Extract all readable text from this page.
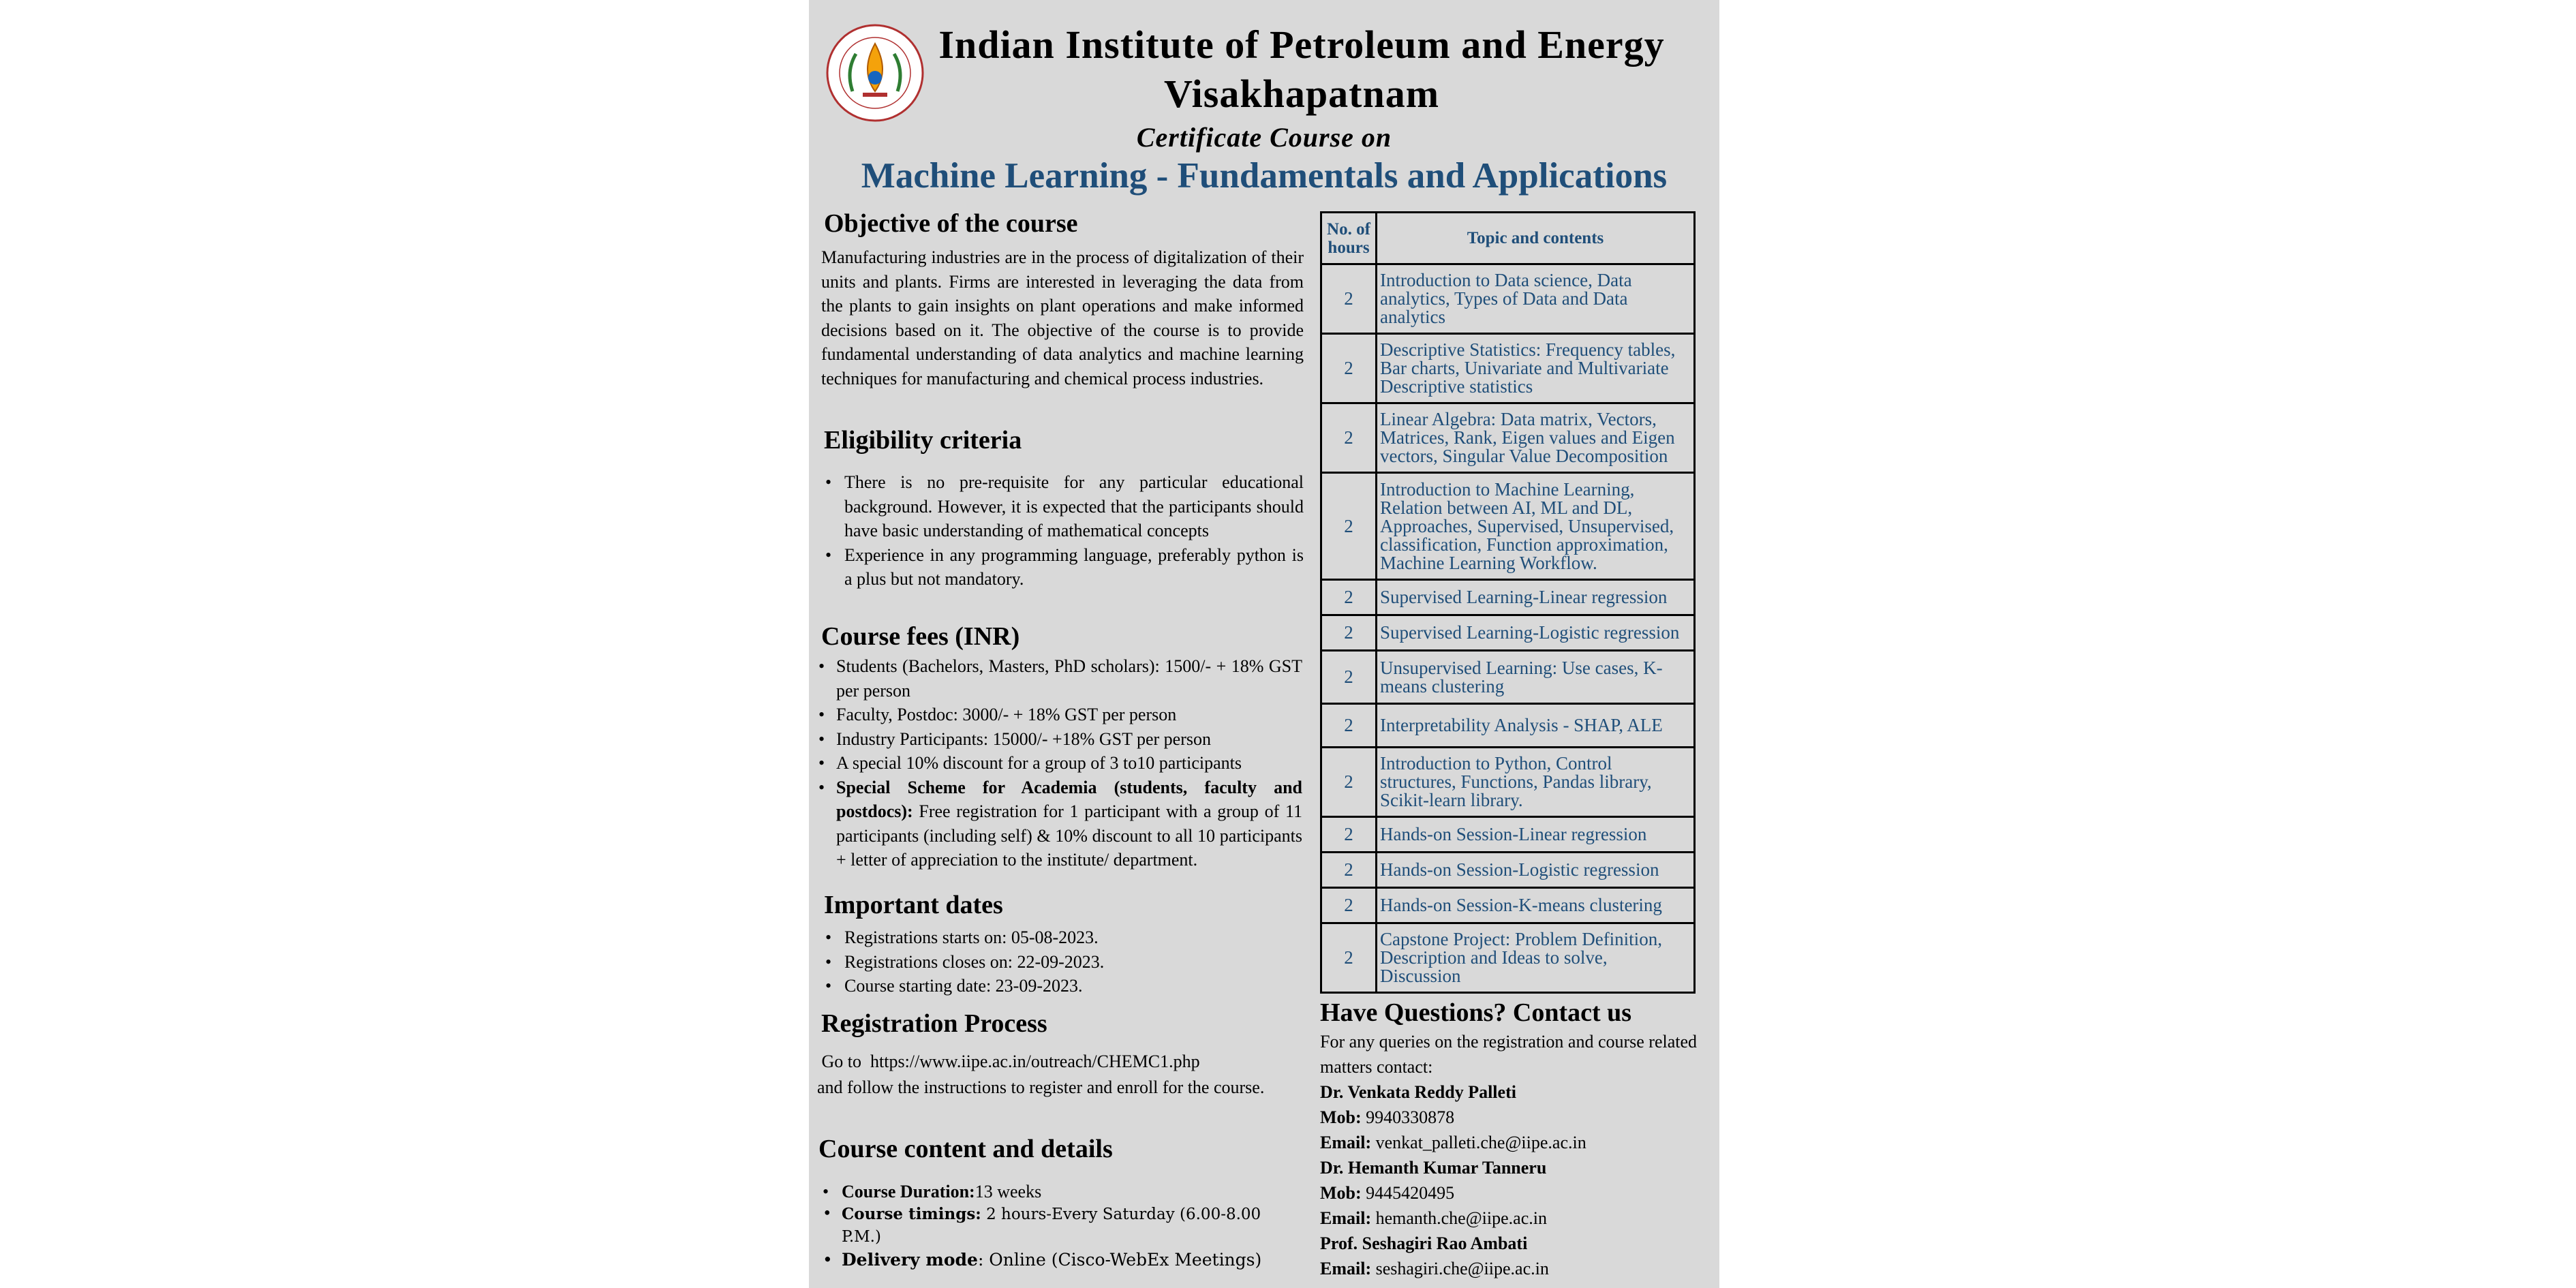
Indian Institute of Petroleum and Energy
Visakhapatnam
Certificate Course on
Machine Learning - Fundamentals and Applications
Objective of the course
Manufacturing industries are in the process of digitalization of their units and plants. Firms are interested in leveraging the data from the plants to gain insights on plant operations and make informed decisions based on it. The objective of the course is to provide fundamental understanding of data analytics and machine learning techniques for manufacturing and chemical process industries.
Eligibility criteria
• There is no pre-requisite for any particular educational background. However, it is expected that the participants should have basic understanding of mathematical concepts
• Experience in any programming language, preferably python is a plus but not mandatory.
Course fees (INR)
• Students (Bachelors, Masters, PhD scholars): 1500/- + 18% GST per person
• Faculty, Postdoc: 3000/- + 18% GST per person
• Industry Participants: 15000/- +18% GST per person
• A special 10% discount for a group of 3 to10 participants
• Special Scheme for Academia (students, faculty and postdocs): Free registration for 1 participant with a group of 11 participants (including self) & 10% discount to all 10 participants + letter of appreciation to the institute/ department.
Important dates
• Registrations starts on: 05-08-2023.
• Registrations closes on: 22-09-2023.
• Course starting date: 23-09-2023.
Registration Process
Go to  https://www.iipe.ac.in/outreach/CHEMC1.php
and follow the instructions to register and enroll for the course.
Course content and details
• Course Duration:13 weeks
• Course timings: 2 hours-Every Saturday (6.00-8.00 P.M.)
• Delivery mode: Online (Cisco-WebEx Meetings)
No. of hours	Topic and contents
2	Introduction to Data science, Data analytics, Types of Data and Data analytics
2	Descriptive Statistics: Frequency tables, Bar charts, Univariate and Multivariate Descriptive statistics
2	Linear Algebra: Data matrix, Vectors, Matrices, Rank, Eigen values and Eigen vectors, Singular Value Decomposition
2	Introduction to Machine Learning, Relation between AI, ML and DL, Approaches, Supervised, Unsupervised, classification, Function approximation, Machine Learning Workflow.
2	Supervised Learning-Linear regression
2	Supervised Learning-Logistic regression
2	Unsupervised Learning: Use cases, K-means clustering
2	Interpretability Analysis - SHAP, ALE
2	Introduction to Python, Control structures, Functions, Pandas library, Scikit-learn library.
2	Hands-on Session-Linear regression
2	Hands-on Session-Logistic regression
2	Hands-on Session-K-means clustering
2	Capstone Project: Problem Definition, Description and Ideas to solve, Discussion
Have Questions? Contact us
For any queries on the registration and course related matters contact:
Dr. Venkata Reddy Palleti
Mob: 9940330878
Email: venkat_palleti.che@iipe.ac.in
Dr. Hemanth Kumar Tanneru
Mob: 9445420495
Email: hemanth.che@iipe.ac.in
Prof. Seshagiri Rao Ambati
Email: seshagiri.che@iipe.ac.in
